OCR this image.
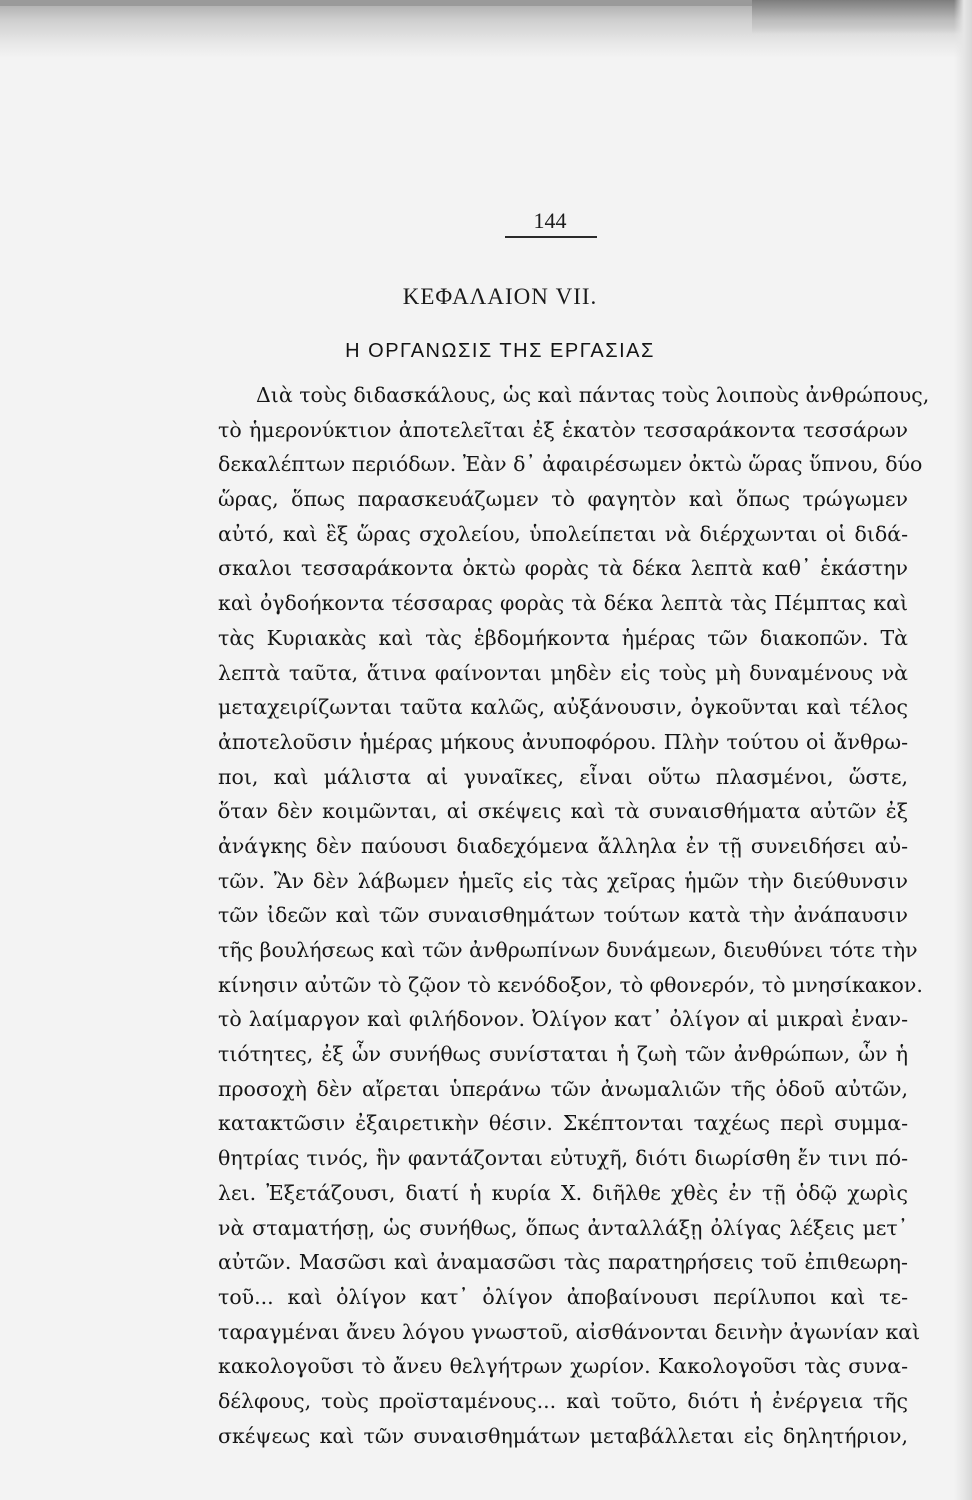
144

ΚΕΦΑΛΑΙΟΝ VII.
Η ΟΡΓΑΝΩΣΙΣ ΤΗΣ ΕΡΓΑΣΙΑΣ
Διὰ τοὺς διδασκάλους, ὡς καὶ πάντας τοὺς λοιποὺς ἀνθρώπους,
τὸ ἡμερονύκτιον ἀποτελεῖται ἐξ ἑκατὸν τεσσαράκοντα τεσσάρων
δεκαλέπτων περιόδων. Ἐὰν δ᾽ ἀφαιρέσωμεν ὀκτὼ ὥρας ὕπνου, δύο
ὥρας, ὅπως παρασκευάζωμεν τὸ φαγητὸν καὶ ὅπως τρώγωμεν
αὐτό, καὶ ἓξ ὥρας σχολείου, ὑπολείπεται νὰ διέρχωνται οἱ διδά-
σκαλοι τεσσαράκοντα ὀκτὼ φορὰς τὰ δέκα λεπτὰ καθ᾽ ἑκάστην
καὶ ὀγδοήκοντα τέσσαρας φορὰς τὰ δέκα λεπτὰ τὰς Πέμπτας καὶ
τὰς Κυριακὰς καὶ τὰς ἑβδομήκοντα ἡμέρας τῶν διακοπῶν. Τὰ
λεπτὰ ταῦτα, ἅτινα φαίνονται μηδὲν εἰς τοὺς μὴ δυναμένους νὰ
μεταχειρίζωνται ταῦτα καλῶς, αὐξάνουσιν, ὀγκοῦνται καὶ τέλος
ἀποτελοῦσιν ἡμέρας μήκους ἀνυποφόρου. Πλὴν τούτου οἱ ἄνθρω-
ποι, καὶ μάλιστα αἱ γυναῖκες, εἶναι οὕτω πλασμένοι, ὥστε,
ὅταν δὲν κοιμῶνται, αἱ σκέψεις καὶ τὰ συναισθήματα αὐτῶν ἐξ
ἀνάγκης δὲν παύουσι διαδεχόμενα ἄλληλα ἐν τῇ συνειδήσει αὐ-
τῶν. Ἂν δὲν λάβωμεν ἡμεῖς εἰς τὰς χεῖρας ἡμῶν τὴν διεύθυνσιν
τῶν ἰδεῶν καὶ τῶν συναισθημάτων τούτων κατὰ τὴν ἀνάπαυσιν
τῆς βουλήσεως καὶ τῶν ἀνθρωπίνων δυνάμεων, διευθύνει τότε τὴν
κίνησιν αὐτῶν τὸ ζῷον τὸ κενόδοξον, τὸ φθονερόν, τὸ μνησίκακον.
τὸ λαίμαργον καὶ φιλήδονον. Ὀλίγον κατ᾽ ὀλίγον αἱ μικραὶ ἐναν-
τιότητες, ἐξ ὧν συνήθως συνίσταται ἡ ζωὴ τῶν ἀνθρώπων, ὧν ἡ
προσοχὴ δὲν αἴρεται ὑπεράνω τῶν ἀνωμαλιῶν τῆς ὁδοῦ αὐτῶν,
κατακτῶσιν ἐξαιρετικὴν θέσιν. Σκέπτονται ταχέως περὶ συμμα-
θητρίας τινός, ἣν φαντάζονται εὐτυχῆ, διότι διωρίσθη ἔν τινι πό-
λει. Ἐξετάζουσι, διατί ἡ κυρία Χ. διῆλθε χθὲς ἐν τῇ ὁδῷ χωρὶς
νὰ σταματήσῃ, ὡς συνήθως, ὅπως ἀνταλλάξῃ ὀλίγας λέξεις μετ᾽
αὐτῶν. Μασῶσι καὶ ἀναμασῶσι τὰς παρατηρήσεις τοῦ ἐπιθεωρη-
τοῦ... καὶ ὀλίγον κατ᾽ ὀλίγον ἀποβαίνουσι περίλυποι καὶ τε-
ταραγμέναι ἄνευ λόγου γνωστοῦ, αἰσθάνονται δεινὴν ἀγωνίαν καὶ
κακολογοῦσι τὸ ἄνευ θελγήτρων χωρίον. Κακολογοῦσι τὰς συνα-
δέλφους, τοὺς προϊσταμένους... καὶ τοῦτο, διότι ἡ ἐνέργεια τῆς
σκέψεως καὶ τῶν συναισθημάτων μεταβάλλεται εἰς δηλητήριον,
